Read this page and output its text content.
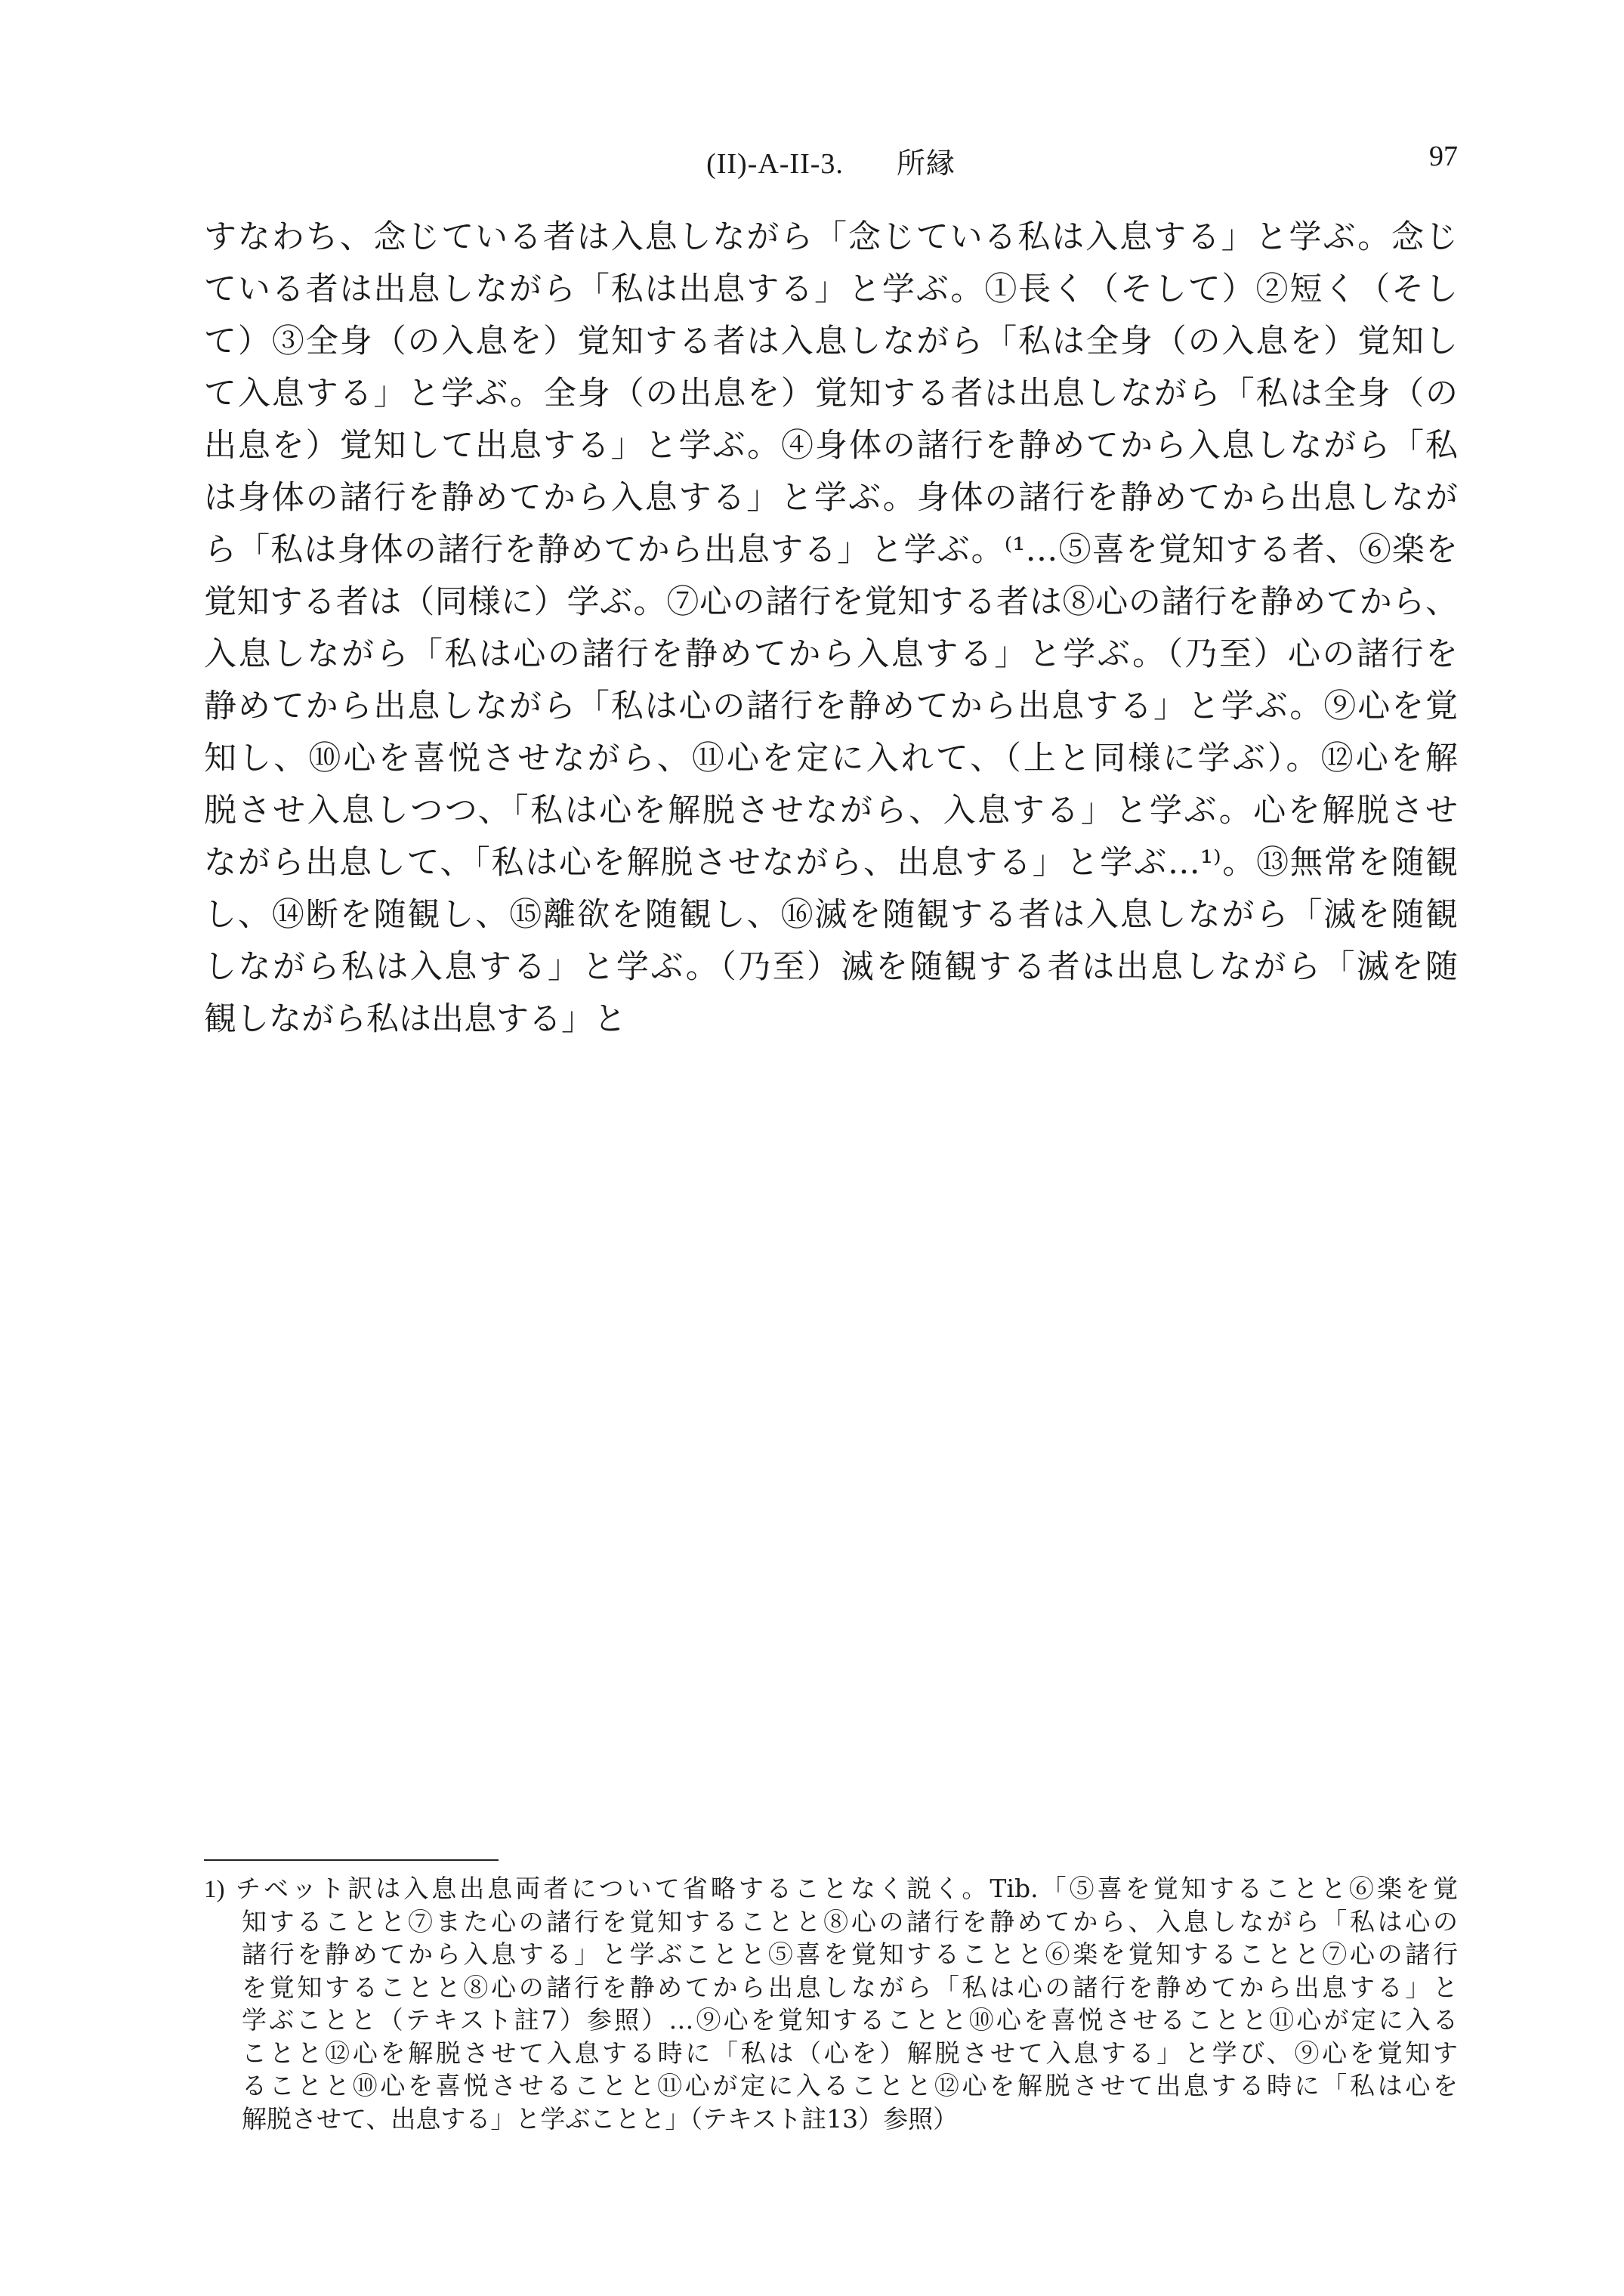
(II)-A-II-3. 所縁	97
すなわち、念じている者は入息しながら「念じている私は入息する」と学ぶ。念じ
ている者は出息しながら「私は出息する」と学ぶ。①長く（そして）②短く（そし
て）③全身（の入息を）覚知する者は入息しながら「私は全身（の入息を）覚知し
て入息する」と学ぶ。全身（の出息を）覚知する者は出息しながら「私は全身（の
出息を）覚知して出息する」と学ぶ。④身体の諸行を静めてから入息しながら「私
は身体の諸行を静めてから入息する」と学ぶ。身体の諸行を静めてから出息しなが
ら「私は身体の諸行を静めてから出息する」と学ぶ。⁽¹…⑤喜を覚知する者、⑥楽を
覚知する者は（同様に）学ぶ。⑦心の諸行を覚知する者は⑧心の諸行を静めてから、
入息しながら「私は心の諸行を静めてから入息する」と学ぶ。（乃至）心の諸行を
静めてから出息しながら「私は心の諸行を静めてから出息する」と学ぶ。⑨心を覚
知し、⑩心を喜悦させながら、⑪心を定に入れて、（上と同様に学ぶ）。⑫心を解
脱させ入息しつつ、「私は心を解脱させながら、入息する」と学ぶ。心を解脱させ
ながら出息して、「私は心を解脱させながら、出息する」と学ぶ…¹⁾。⑬無常を随観
し、⑭断を随観し、⑮離欲を随観し、⑯滅を随観する者は入息しながら「滅を随観
しながら私は入息する」と学ぶ。（乃至）滅を随観する者は出息しながら「滅を随
観しながら私は出息する」と
1) チベット訳は入息出息両者について省略することなく説く。Tib.「⑤喜を覚知することと⑥楽を覚
知することと⑦また心の諸行を覚知することと⑧心の諸行を静めてから、入息しながら「私は心の
諸行を静めてから入息する」と学ぶことと⑤喜を覚知することと⑥楽を覚知することと⑦心の諸行
を覚知することと⑧心の諸行を静めてから出息しながら「私は心の諸行を静めてから出息する」と
学ぶことと（テキスト註7）参照）…⑨心を覚知することと⑩心を喜悦させることと⑪心が定に入る
ことと⑫心を解脱させて入息する時に「私は（心を）解脱させて入息する」と学び、⑨心を覚知す
ることと⑩心を喜悦させることと⑪心が定に入ることと⑫心を解脱させて出息する時に「私は心を
解脱させて、出息する」と学ぶことと」（テキスト註13）参照）
